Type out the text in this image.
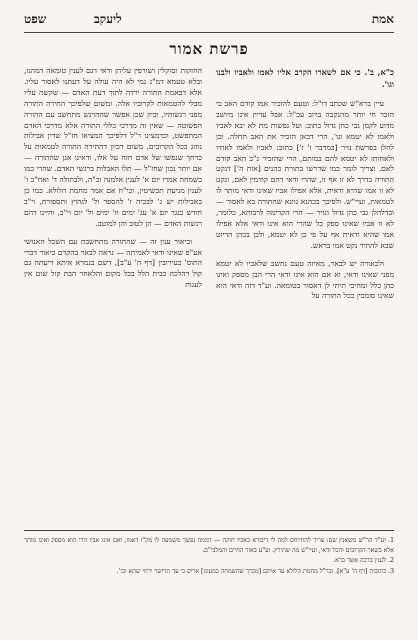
אמת
ליעקב
שפט
פרשת אמור

כ"א, ב'. כי אם לשארו הקרב אליו לאמו ולאביו ולבנו וגו'.

עיין ברא"ש שכתב דו"ל: וטעם להזכיר אמו קודם האב כי הזכר חי יותר מהנקבה ברוב עכ"ל. אבל עדיין אינו מיושב מדוע לקמן גבי כהן גדול כתוב: ועל נפשות מת לא יבא לאביו ולאמו לא יטמא וגו', הרי דכאן הזכיר את האב תחלה. וכן להלן בפרשת נזיר [במדבר ו' ז'] כתוב: לאביו ולאמו לאחיו ולאחותו לא יטמא להם במותם, הרי שהזכיר ג"כ האב קודם לאם. וצריך לומר כמו שדרשו בתורת כהנים [אות ה'] דנקט התורה בדרך לא זו אף זו, שהרי ודאי דהם קודמין לאם, ונקט לא זו אמו שהיא ודאית, אלא אפילו אביו שאינו ודאי מותר לו לטמאות, ועיי"ש. ולפיכך בכהנא גוונא שהתורה בא לאסור — ובדלהלן גבי כהן גדול ונזיר — הרי הקדימה לרבותא, כלומר, לא זו אביו שאינו ספק כל שהרי הוא אינו ודאי אלא אפילו אמו שהיא ודאית אף על פי כן לא יטמא, ולכן בכהן הדיוט שבא להתיר נקט אמו בראש.

ולכאורה יש לבאר, מאיזה טעם נחשב שלאביו לא יטמא מפני שאינו ודאי, וא אם הוא אינו ודאי הרי הבן מספק ואינו כהן כלל ומהיכי תיתי לן דאסור בטומאה. וע"ד דזה ודאי הוא שאינו סומכין ככל התורה על

החזקות וסוקלין ושורפין עליהן ודאי דגם לענין טומאה דמהנו, ובלא טעמא דמ"ג נמי לא היה עולה על דעתנו לאסור עליו. אלא דבאמת התורה ירדה לתוך דעת האדם — שקשה עליו מבלי להטמאות לקרוביו אלה. ומשום שלפיכך התירה התורה מפני רגשותיו, וכיון שכן אפשר שההרגש מתחשב עם ההורה הפשוטה — שאין זה מדרכי כללי התורה אלא מדרכי האדם המתפשט, וכדמצינו ר"ל דלפיכך המציאו חז"ל שדין אבילות נוהג בכל הקרובים, משום דכיון דהתירה התורה לטמאות על כרחך שנפשו של אדם חזה על אלו, ודאינו אגן שהתורה — אם יותר נכון שחז"ל — תלו האבלות ברגשי האדם. שהרי כמו בשמחה אמרו יום א' לענין אלמנה וכ"ה, ולבתולה ד' ואח"כ ז' לענין מניעת תכשיטין, וכי"ח אם אמר מחמת הלולא. כמו כן באבילות יש ג' לבכיה ז' להספד ול' לגהוץ ותספורת, וי"ב חודש כנגד יום א' עג' ימים וז' ימים ול' יום וי"ב, והיינו דהם רגשות האדם — הן לטוב והן למוטב.

וביאור ענין זה — שהתורה מתחשבת עם השכל האנושי אע"פ שאינו ודאי לאמיתה — נראה לבאר בהקדם ביאור דברי התוס' בעירובין [דף ה' ע"ב], דשם בגמרא איתא דיעתה גם קול דהלכה כבית הלל בכל מקום והלאחר הבת קול שום אין לענות

1. וע"ד הר"ש משאנץ שם: צריך להתייחס למה לי דיבורא באביו חוקה — דממה נפשך משמעה לו מק"ו דאמו, ואם אינו אביו הרי הוא מספק ואינו מותר אלא בשאר הקרובים והכל ודאי, ועיי"ש מה שתירץ. וע"ע באור החיים והמלבי"ם.
2. לענין ברכה אשר ברא.
3. כתובות [דף ח' ע"א]. ובר"ל מחמת הלולא עד איתם [מכרך שהשמחה במעונו] אריס כי עד תרישר ירחי שתא וכו'.
